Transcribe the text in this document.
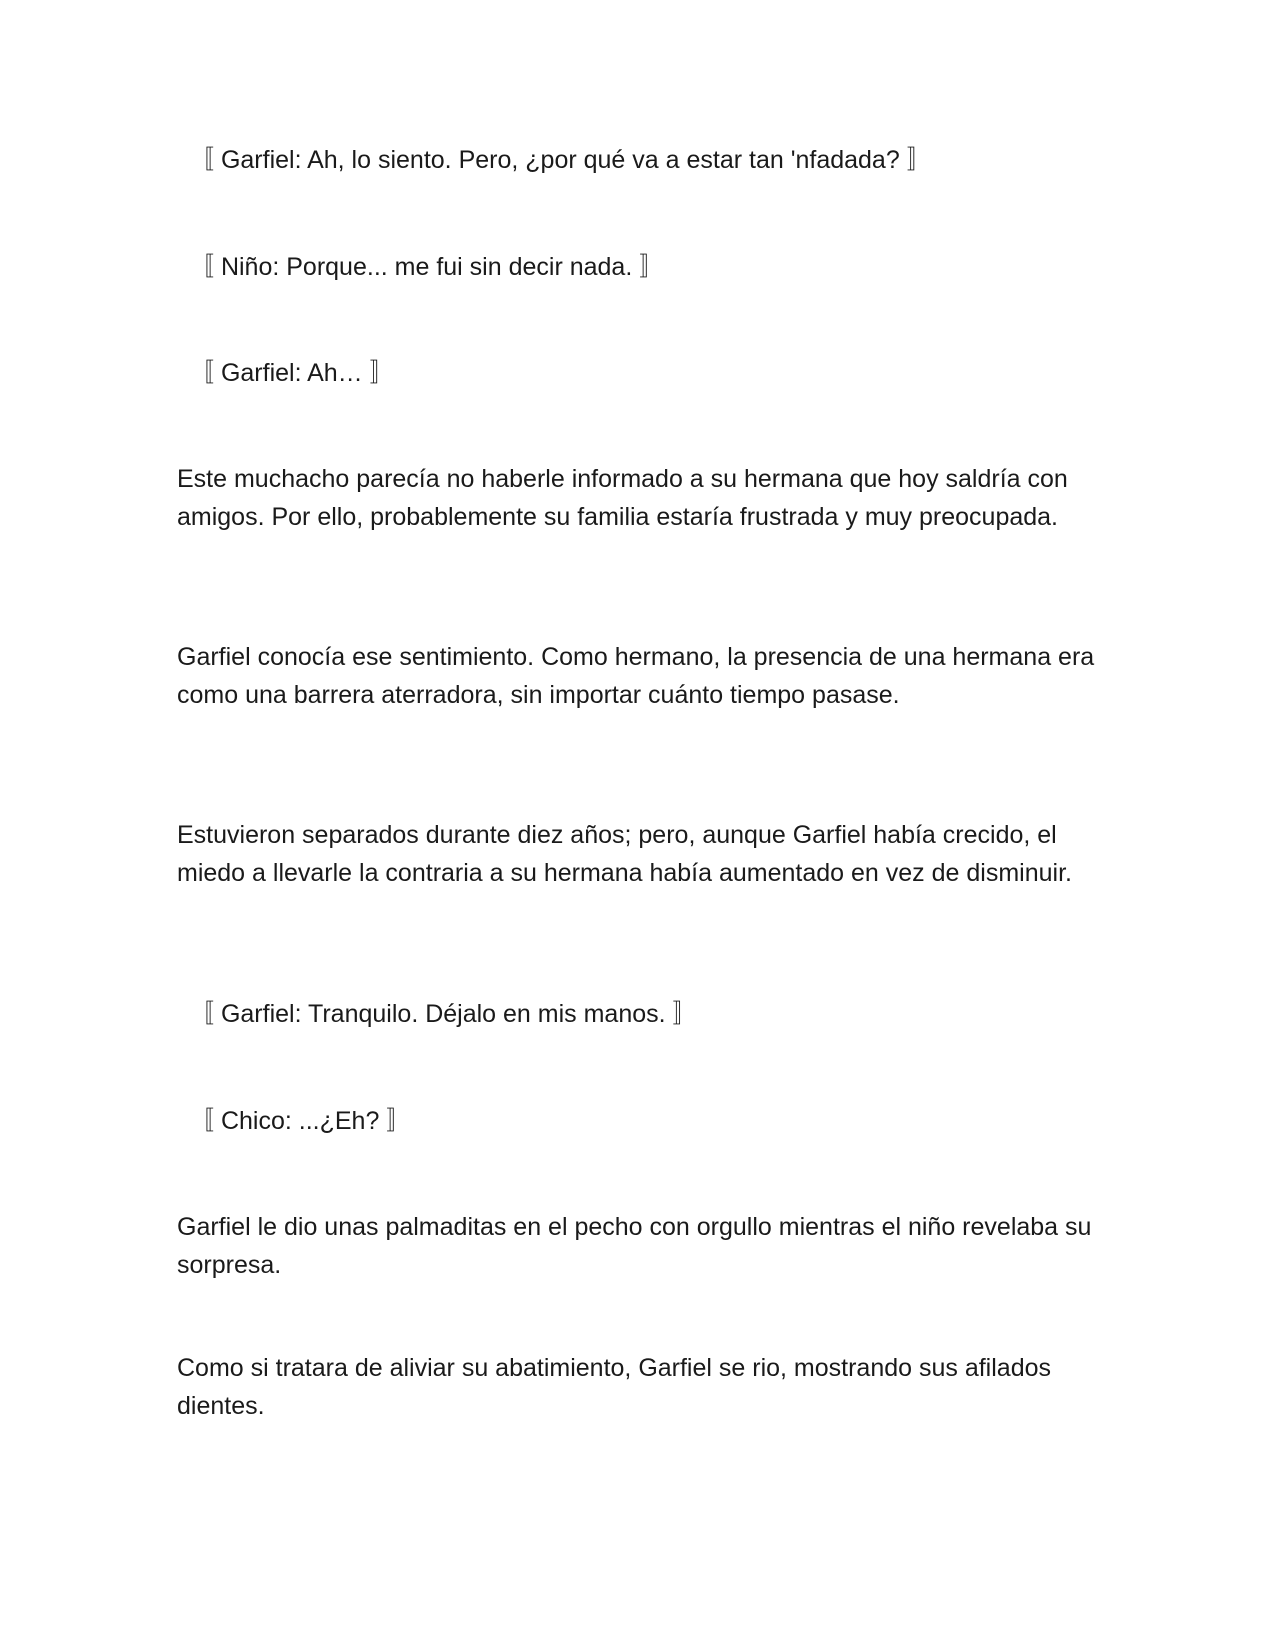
〚 Garfiel: Ah, lo siento. Pero, ¿por qué va a estar tan 'nfadada? 〛

〚 Niño: Porque... me fui sin decir nada. 〛

〚 Garfiel: Ah… 〛

Este muchacho parecía no haberle informado a su hermana que hoy saldría con amigos. Por ello, probablemente su familia estaría frustrada y muy preocupada.

Garfiel conocía ese sentimiento. Como hermano, la presencia de una hermana era como una barrera aterradora, sin importar cuánto tiempo pasase.

Estuvieron separados durante diez años; pero, aunque Garfiel había crecido, el miedo a llevarle la contraria a su hermana había aumentado en vez de disminuir.

〚 Garfiel: Tranquilo. Déjalo en mis manos. 〛

〚 Chico: ...¿Eh? 〛

Garfiel le dio unas palmaditas en el pecho con orgullo mientras el niño revelaba su sorpresa.

Como si tratara de aliviar su abatimiento, Garfiel se rio, mostrando sus afilados dientes.
